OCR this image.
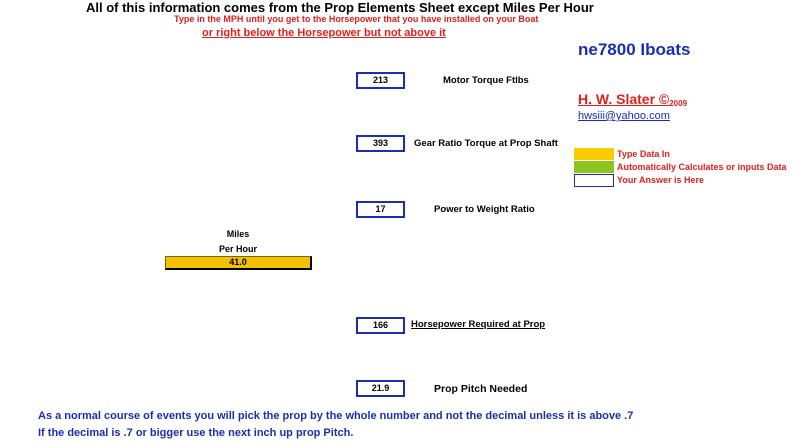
All of this information comes from the Prop Elements Sheet except Miles Per Hour
Type in the MPH until you get to the Horsepower that you have installed on your Boat
or right below the Horsepower but not above it
ne7800 Iboats
H. W. Slater $©_{2009}$
hwsiii@yahoo.com
Type Data In
Automatically Calculates or inputs Data
Your Answer is Here
Miles
Per Hour
41.0
213	Motor Torque Ftlbs
393	Gear Ratio Torque at Prop Shaft
17	Power to Weight Ratio
166	Horsepower Required at Prop
21.9	Prop Pitch Needed
As a normal course of events you will pick the prop by the whole number and not the decimal unless it is above .7
If the decimal is .7 or bigger use the next inch up prop Pitch.
